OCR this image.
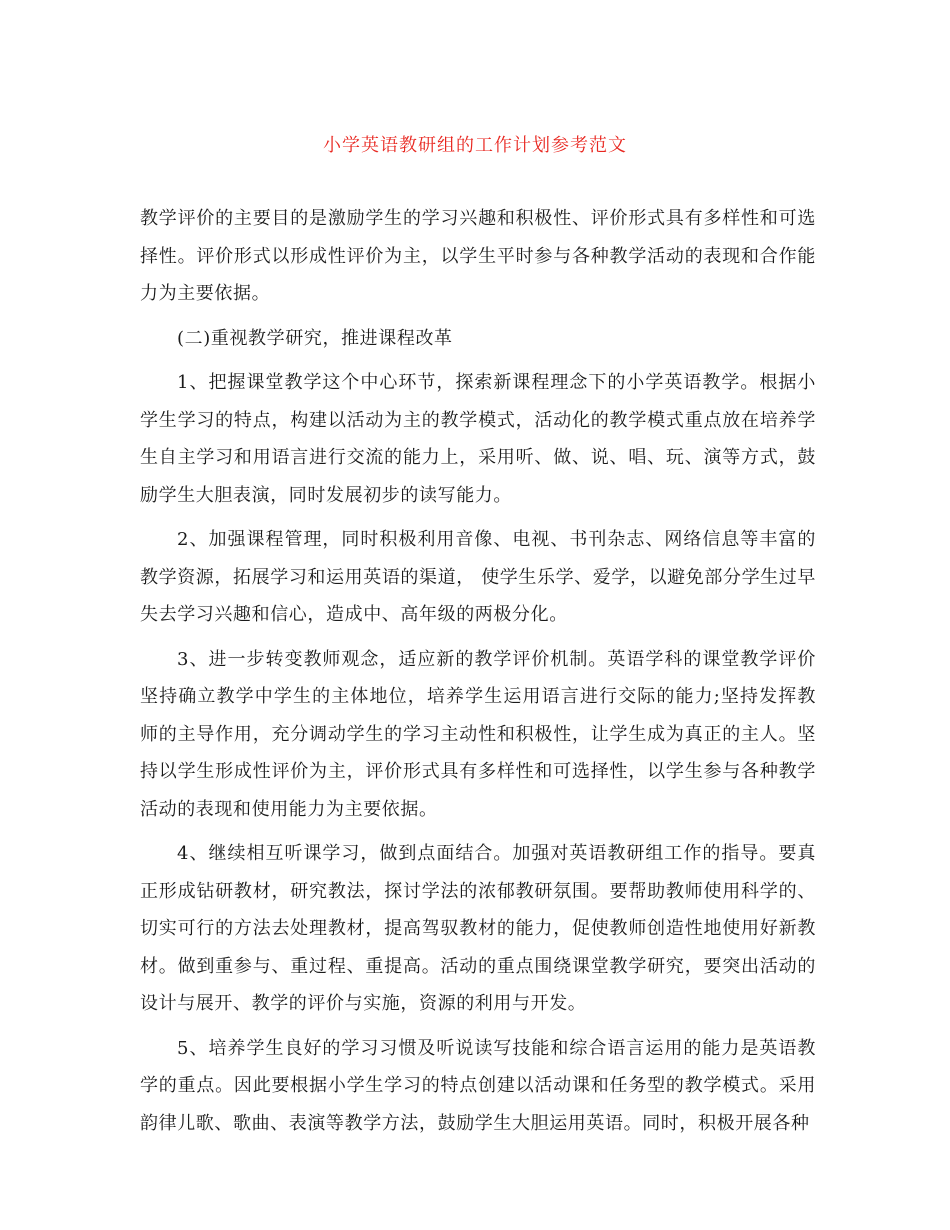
小学英语教研组的工作计划参考范文

教学评价的主要目的是激励学生的学习兴趣和积极性、评价形式具有多样性和可选择性。评价形式以形成性评价为主，以学生平时参与各种教学活动的表现和合作能力为主要依据。

(二)重视教学研究，推进课程改革

1、把握课堂教学这个中心环节，探索新课程理念下的小学英语教学。根据小学生学习的特点，构建以活动为主的教学模式，活动化的教学模式重点放在培养学生自主学习和用语言进行交流的能力上，采用听、做、说、唱、玩、演等方式，鼓励学生大胆表演，同时发展初步的读写能力。

2、加强课程管理，同时积极利用音像、电视、书刊杂志、网络信息等丰富的教学资源，拓展学习和运用英语的渠道， 使学生乐学、爱学，以避免部分学生过早失去学习兴趣和信心，造成中、高年级的两极分化。

3、进一步转变教师观念，适应新的教学评价机制。英语学科的课堂教学评价坚持确立教学中学生的主体地位，培养学生运用语言进行交际的能力;坚持发挥教师的主导作用，充分调动学生的学习主动性和积极性，让学生成为真正的主人。坚持以学生形成性评价为主，评价形式具有多样性和可选择性，以学生参与各种教学活动的表现和使用能力为主要依据。

4、继续相互听课学习，做到点面结合。加强对英语教研组工作的指导。要真正形成钻研教材，研究教法，探讨学法的浓郁教研氛围。要帮助教师使用科学的、切实可行的方法去处理教材，提高驾驭教材的能力，促使教师创造性地使用好新教材。做到重参与、重过程、重提高。活动的重点围绕课堂教学研究，要突出活动的设计与展开、教学的评价与实施，资源的利用与开发。

5、培养学生良好的学习习惯及听说读写技能和综合语言运用的能力是英语教学的重点。因此要根据小学生学习的特点创建以活动课和任务型的教学模式。采用韵律儿歌、歌曲、表演等教学方法，鼓励学生大胆运用英语。同时，积极开展各种
